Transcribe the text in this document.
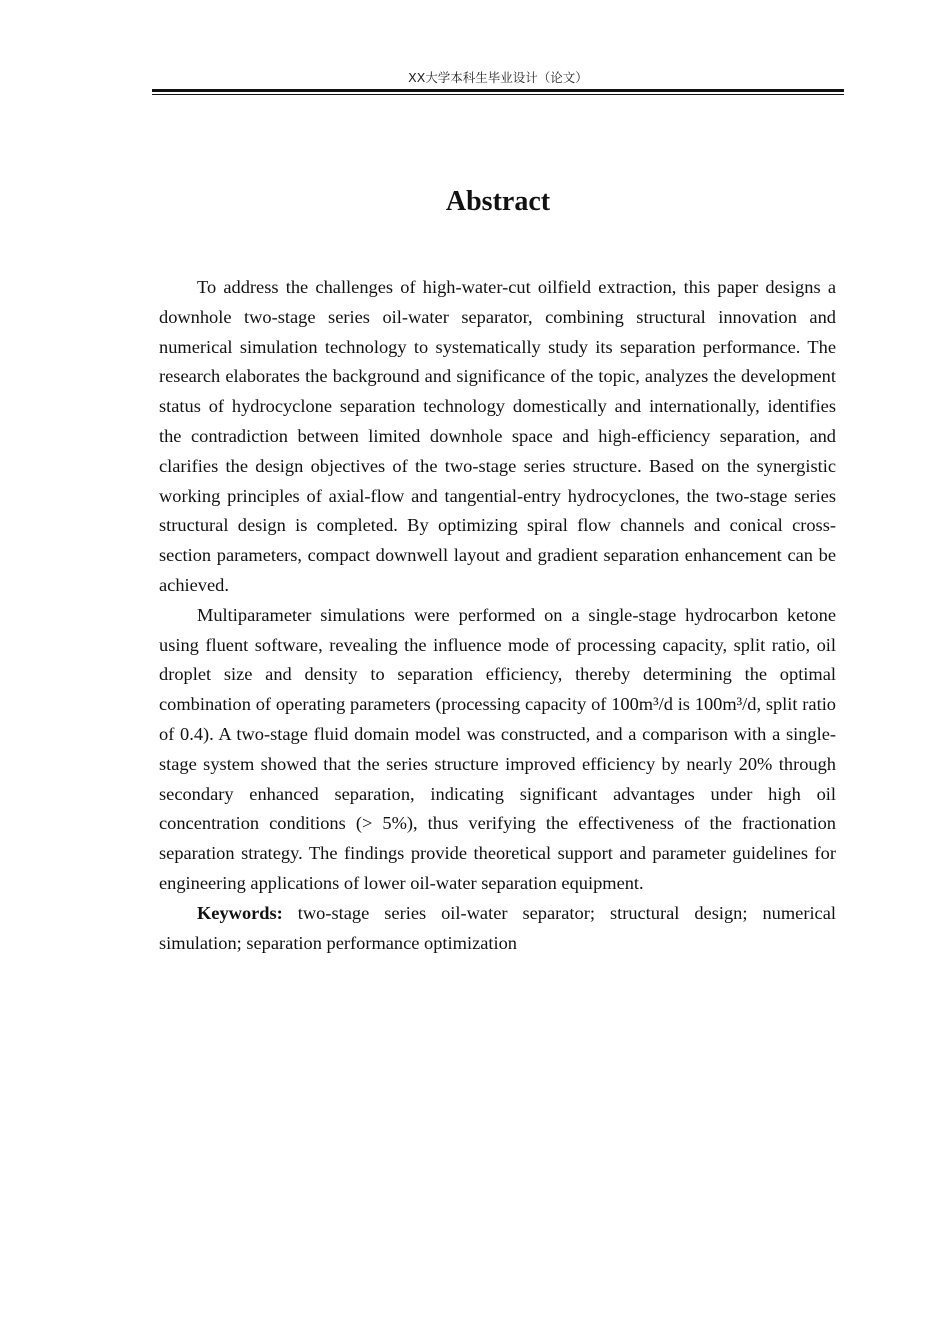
XX大学本科生毕业设计（论文）
Abstract

To address the challenges of high-water-cut oilfield extraction, this paper designs a downhole two-stage series oil-water separator, combining structural innovation and numerical simulation technology to systematically study its separation performance. The research elaborates the background and significance of the topic, analyzes the development status of hydrocyclone separation technology domestically and internationally, identifies the contradiction between limited downhole space and high-efficiency separation, and clarifies the design objectives of the two-stage series structure. Based on the synergistic working principles of axial-flow and tangential-entry hydrocyclones, the two-stage series structural design is completed. By optimizing spiral flow channels and conical cross-section parameters, compact downwell layout and gradient separation enhancement can be achieved.

Multiparameter simulations were performed on a single-stage hydrocarbon ketone using fluent software, revealing the influence mode of processing capacity, split ratio, oil droplet size and density to separation efficiency, thereby determining the optimal combination of operating parameters (processing capacity of 100m³/d is 100m³/d, split ratio of 0.4). A two-stage fluid domain model was constructed, and a comparison with a single-stage system showed that the series structure improved efficiency by nearly 20% through secondary enhanced separation, indicating significant advantages under high oil concentration conditions (> 5%), thus verifying the effectiveness of the fractionation separation strategy. The findings provide theoretical support and parameter guidelines for engineering applications of lower oil-water separation equipment.

Keywords: two-stage series oil-water separator; structural design; numerical simulation; separation performance optimization
